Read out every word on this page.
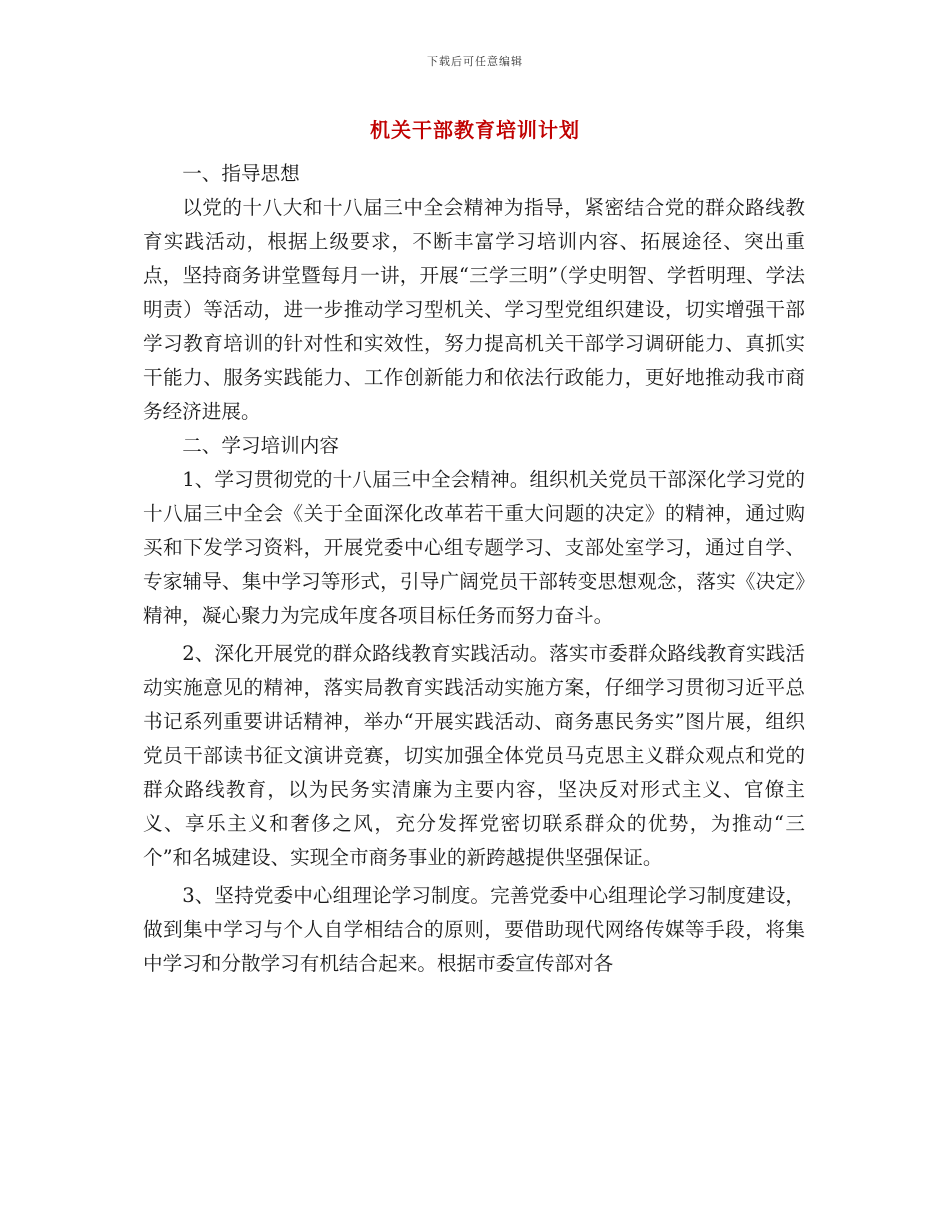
下载后可任意编辑
机关干部教育培训计划

一、指导思想

以党的十八大和十八届三中全会精神为指导，紧密结合党的群众路线教育实践活动，根据上级要求，不断丰富学习培训内容、拓展途径、突出重点，坚持商务讲堂暨每月一讲，开展“三学三明”（学史明智、学哲明理、学法明责）等活动，进一步推动学习型机关、学习型党组织建设，切实增强干部学习教育培训的针对性和实效性，努力提高机关干部学习调研能力、真抓实干能力、服务实践能力、工作创新能力和依法行政能力，更好地推动我市商务经济进展。

二、学习培训内容

1、学习贯彻党的十八届三中全会精神。组织机关党员干部深化学习党的十八届三中全会《关于全面深化改革若干重大问题的决定》的精神，通过购买和下发学习资料，开展党委中心组专题学习、支部处室学习，通过自学、专家辅导、集中学习等形式，引导广阔党员干部转变思想观念，落实《决定》精神，凝心聚力为完成年度各项目标任务而努力奋斗。

2、深化开展党的群众路线教育实践活动。落实市委群众路线教育实践活动实施意见的精神，落实局教育实践活动实施方案，仔细学习贯彻习近平总书记系列重要讲话精神，举办“开展实践活动、商务惠民务实”图片展，组织党员干部读书征文演讲竞赛，切实加强全体党员马克思主义群众观点和党的群众路线教育，以为民务实清廉为主要内容，坚决反对形式主义、官僚主义、享乐主义和奢侈之风，充分发挥党密切联系群众的优势，为推动“三个”和名城建设、实现全市商务事业的新跨越提供坚强保证。

3、坚持党委中心组理论学习制度。完善党委中心组理论学习制度建设，做到集中学习与个人自学相结合的原则，要借助现代网络传媒等手段，将集中学习和分散学习有机结合起来。根据市委宣传部对各
